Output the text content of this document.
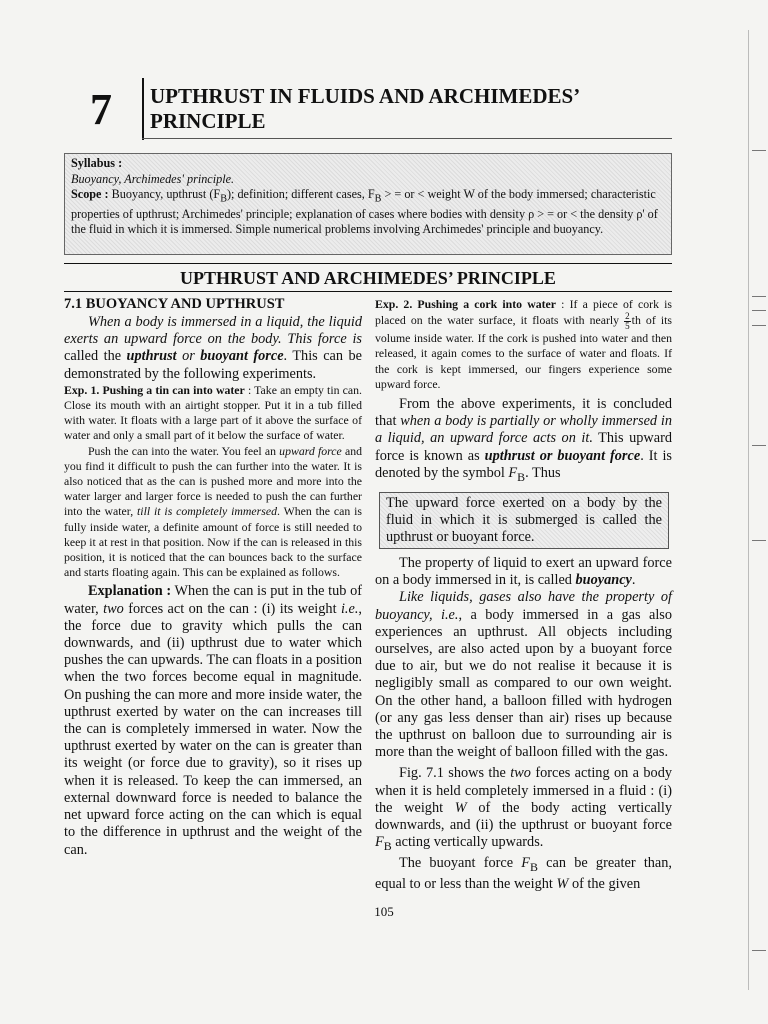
7 UPTHRUST IN FLUIDS AND ARCHIMEDES’
PRINCIPLE
Syllabus :
Buoyancy, Archimedes' principle.
Scope : Buoyancy, upthrust $(F_B)$; definition; different cases, $F_B$ > = or < weight W of the body immersed; characteristic properties of upthrust; Archimedes' principle; explanation of cases where bodies with density ρ > = or < the density ρ' of the fluid in which it is immersed. Simple numerical problems involving Archimedes' principle and buoyancy.
UPTHRUST AND ARCHIMEDES’ PRINCIPLE

7.1 BUOYANCY AND UPTHRUST

When a body is immersed in a liquid, the liquid exerts an upward force on the body. This force is called the upthrust or buoyant force. This can be demonstrated by the following experiments.

Exp. 1. Pushing a tin can into water : Take an empty tin can. Close its mouth with an airtight stopper. Put it in a tub filled with water. It floats with a large part of it above the surface of water and only a small part of it below the surface of water.

Push the can into the water. You feel an upward force and you find it difficult to push the can further into the water. It is also noticed that as the can is pushed more and more into the water larger and larger force is needed to push the can further into the water, till it is completely immersed. When the can is fully inside water, a definite amount of force is still needed to keep it at rest in that position. Now if the can is released in this position, it is noticed that the can bounces back to the surface and starts floating again. This can be explained as follows.

Explanation : When the can is put in the tub of water, two forces act on the can : (i) its weight i.e., the force due to gravity which pulls the can downwards, and (ii) upthrust due to water which pushes the can upwards. The can floats in a position when the two forces become equal in magnitude. On pushing the can more and more inside water, the upthrust exerted by water on the can increases till the can is completely immersed in water. Now the upthrust exerted by water on the can is greater than its weight (or force due to gravity), so it rises up when it is released. To keep the can immersed, an external downward force is needed to balance the net upward force acting on the can which is equal to the difference in upthrust and the weight of the can.

Exp. 2. Pushing a cork into water : If a piece of cork is placed on the water surface, it floats with nearly $\frac{2}{5}$ th of its volume inside water. If the cork is pushed into water and then released, it again comes to the surface of water and floats. If the cork is kept immersed, our fingers experience some upward force.

From the above experiments, it is concluded that when a body is partially or wholly immersed in a liquid, an upward force acts on it. This upward force is known as upthrust or buoyant force. It is denoted by the symbol $F_B$. Thus

The upward force exerted on a body by the fluid in which it is submerged is called the upthrust or buoyant force.

The property of liquid to exert an upward force on a body immersed in it, is called buoyancy.

Like liquids, gases also have the property of buoyancy, i.e., a body immersed in a gas also experiences an upthrust. All objects including ourselves, are also acted upon by a buoyant force due to air, but we do not realise it because it is negligibly small as compared to our own weight. On the other hand, a balloon filled with hydrogen (or any gas less denser than air) rises up because the upthrust on balloon due to surrounding air is more than the weight of balloon filled with the gas.

Fig. 7.1 shows the two forces acting on a body when it is held completely immersed in a fluid : (i) the weight W of the body acting vertically downwards, and (ii) the upthrust or buoyant force $F_B$ acting vertically upwards.

The buoyant force $F_B$ can be greater than, equal to or less than the weight W of the given

105
